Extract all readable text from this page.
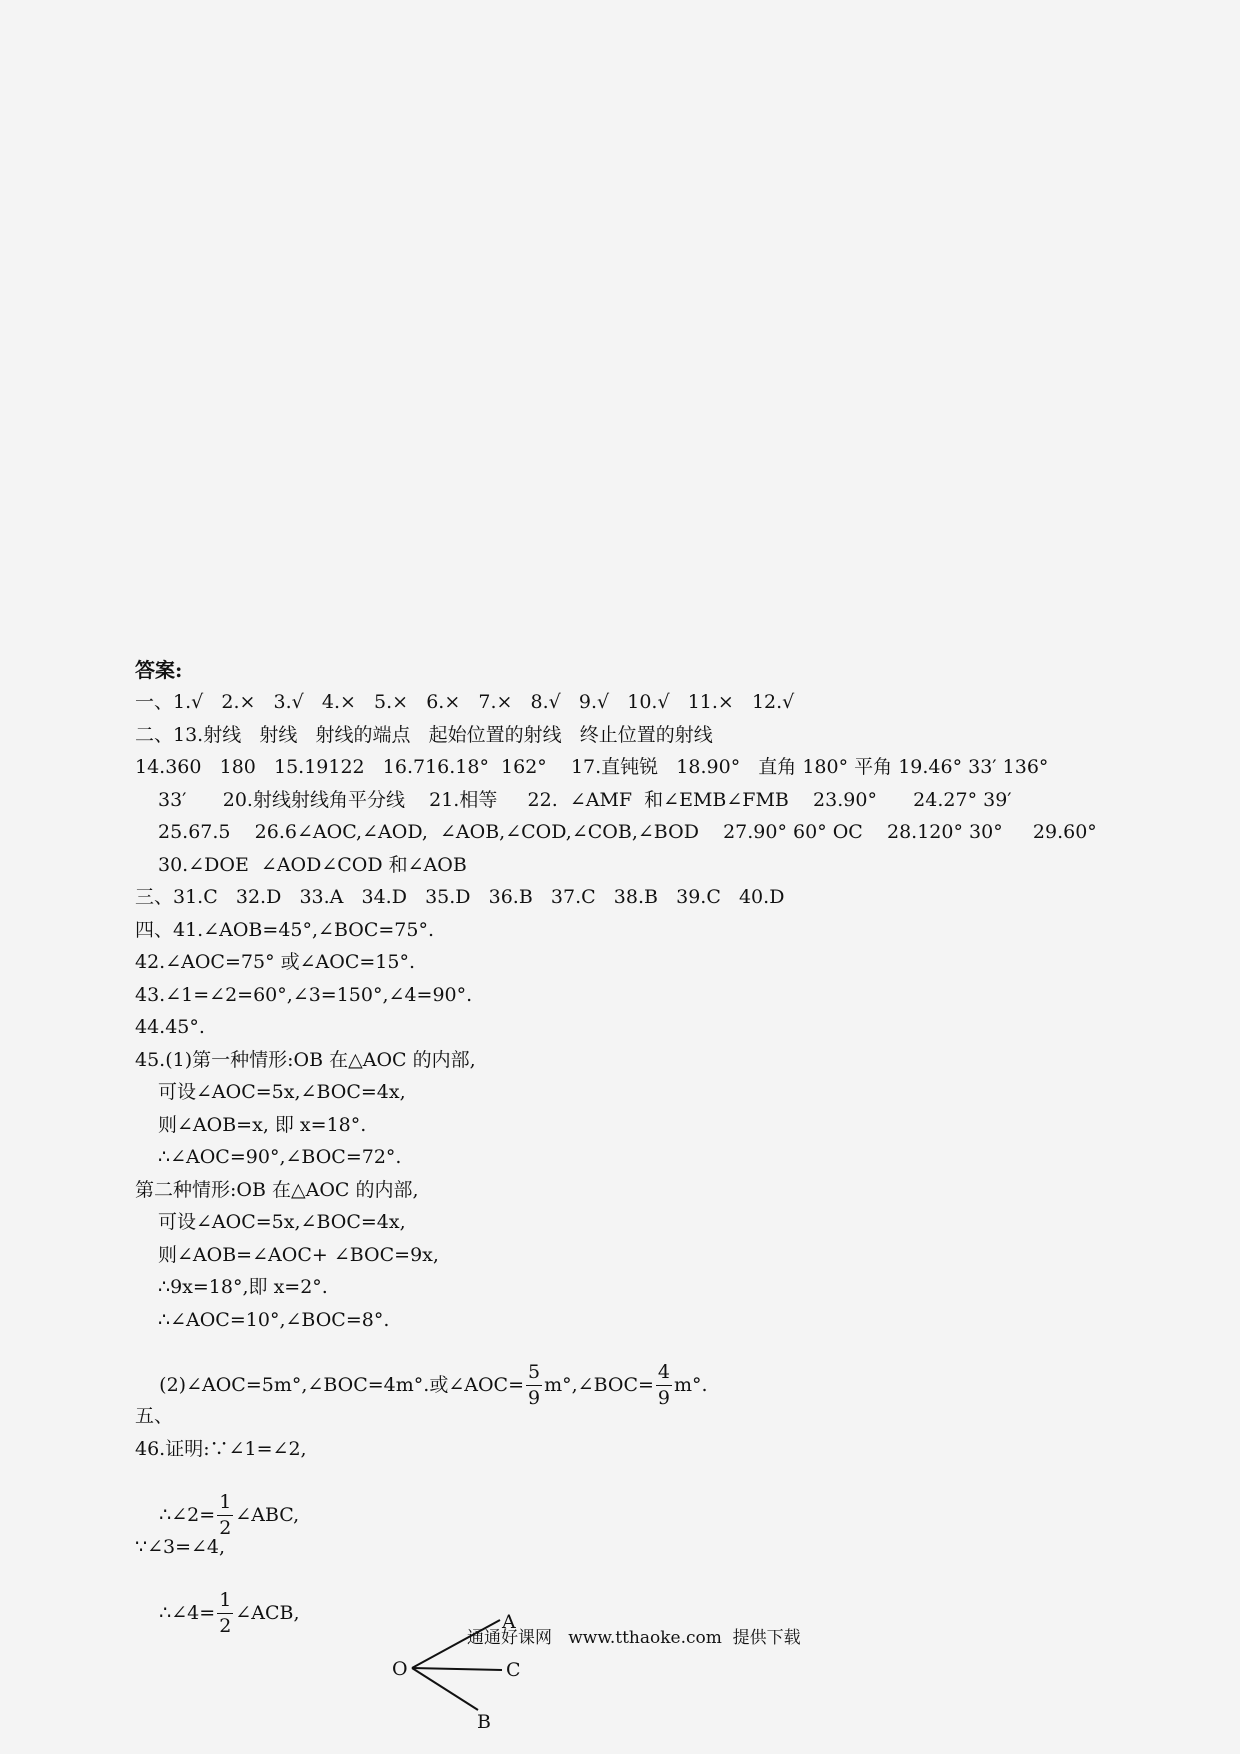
答案:
一、1.√   2.×   3.√   4.×   5.×   6.×   7.×   8.√   9.√   10.√   11.×   12.√
二、13.射线   射线   射线的端点   起始位置的射线   终止位置的射线
14.360   180   15.19122   16.716.18°  162°    17.直钝锐   18.90°   直角 180° 平角 19.46° 33′ 136°
33′      20.射线射线角平分线    21.相等     22.  ∠AMF  和∠EMB∠FMB    23.90°      24.27° 39′
25.67.5    26.6∠AOC,∠AOD,  ∠AOB,∠COD,∠COB,∠BOD    27.90° 60° OC    28.120° 30°     29.60°
30.∠DOE  ∠AOD∠COD 和∠AOB
三、31.C   32.D   33.A   34.D   35.D   36.B   37.C   38.B   39.C   40.D
四、41.∠AOB=45°,∠BOC=75°.
42.∠AOC=75° 或∠AOC=15°.
43.∠1=∠2=60°,∠3=150°,∠4=90°.
44.45°.
45.(1)第一种情形:OB 在△AOC 的内部,
可设∠AOC=5x,∠BOC=4x,
则∠AOB=x, 即 x=18°.
∴∠AOC=90°,∠BOC=72°.
第二种情形:OB 在△AOC 的内部,
可设∠AOC=5x,∠BOC=4x,
则∠AOB=∠AOC+ ∠BOC=9x,
∴9x=18°,即 x=2°.
∴∠AOC=10°,∠BOC=8°.

(2)∠AOC=5m°,∠BOC=4m°.或∠AOC= $\frac{5}{9}$ m°,∠BOC= $\frac{4}{9} m^\circ$.

五、
46.证明:∵∠1=∠2,

∴∠2= $\frac{1}{2}$ ∠ABC,

∵∠3=∠4,

∴∠4= $\frac{1}{2}$ ∠ACB,

O
A
C
B
通通好课网   www.tthaoke.com  提供下载
